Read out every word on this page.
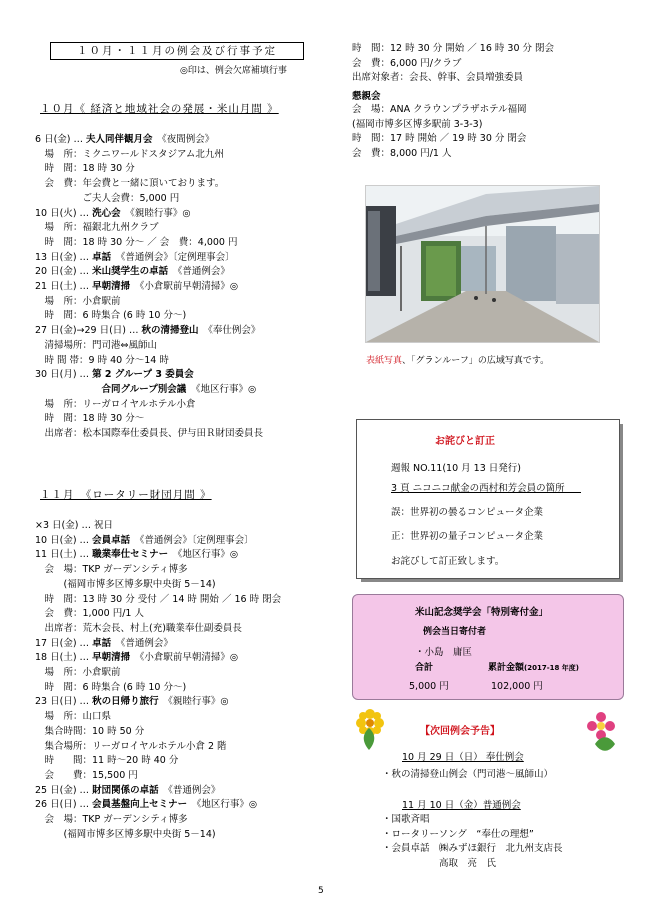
１０月・１１月の例会及び行事予定
◎印は、例会欠席補填行事
１０月《 経済と地域社会の発展・米山月間 》
6 日(金) … 夫人同伴観月会　《夜間例会》
　場　所：ミクニワールドスタジアム北九州
　時　間：18 時 30 分
　会　費：年会費と一緒に頂いております。
　　　　　ご夫人会費：5,000 円
10 日(火) … 洗心会　《親睦行事》◎
　場　所：福銀北九州クラブ
　時　間：18 時 30 分～ ／ 会　費：4,000 円
13 日(金) … 卓話　《普通例会》〔定例理事会〕
20 日(金) … 米山奨学生の卓話　《普通例会》
21 日(土) … 早朝清掃　《小倉駅前早朝清掃》◎
　場　所：小倉駅前
　時　間：6 時集合 (6 時 10 分～)
27 日(金)→29 日(日) … 秋の清掃登山　《奉仕例会》
　清掃場所：門司港⇔風師山
　時 間 帯：9 時 40 分～14 時
30 日(月) … 第 2 グループ 3 委員会
　　　　　　　合同グループ別会議　《地区行事》◎
　場　所：リーガロイヤルホテル小倉
　時　間：18 時 30 分～
　出席者：松本国際奉仕委員長、伊与田Ｒ財団委員長
１１月　《ロータリー財団月間 》
×3 日(金) … 祝日
10 日(金) … 会員卓話　《普通例会》〔定例理事会〕
11 日(土) … 職業奉仕セミナー　《地区行事》◎
　会　場：TKP ガーデンシティ博多
　　　(福岡市博多区博多駅中央街 5－14)
　時　間：13 時 30 分 受付 ／ 14 時 開始 ／ 16 時 閉会
　会　費：1,000 円/1 人
　出席者：荒木会長、村上(充)職業奉仕副委員長
17 日(金) … 卓話　《普通例会》
18 日(土) … 早朝清掃　《小倉駅前早朝清掃》◎
　場　所：小倉駅前
　時　間：6 時集合 (6 時 10 分～)
23 日(日) … 秋の日帰り旅行　《親睦行事》◎
　場　所：山口県
　集合時間：10 時 50 分
　集合場所：リーガロイヤルホテル小倉 2 階
　時　　間：11 時～20 時 40 分
　会　　費：15,500 円
25 日(金) … 財団関係の卓話　《普通例会》
26 日(日) … 会員基盤向上セミナー　《地区行事》◎
　会　場：TKP ガーデンシティ博多
　　　(福岡市博多区博多駅中央街 5－14)
時　間：12 時 30 分 開始 ／ 16 時 30 分 閉会
会　費：6,000 円/クラブ
出席対象者：会長、幹事、会員増強委員
懇親会
会　場：ANA クラウンプラザホテル福岡
(福岡市博多区博多駅前 3-3-3)
時　間：17 時 開始 ／ 19 時 30 分 閉会
会　費：8,000 円/1 人
表紙写真、「グランルーフ」の広域写真です。
お詫びと訂正
週報 NO.11(10 月 13 日発行)
3 頁 ニコニコ献金の西村和芳会員の箇所
誤：世界初の曇るコンピュータ企業
正：世界初の量子コンピュータ企業
お詫びして訂正致します。
米山記念奨学会「特別寄付金」
例会当日寄付者
・小島　庸匡
合計	累計金額(2017-18 年度)
5,000 円	102,000 円
【次回例会予告】
10 月 29 日（日） 奉仕例会
・秋の清掃登山例会（門司港～風師山）
11 月 10 日（金）普通例会
・国歌斉唱
・ロータリーソング　“奉仕の理想”
・会員卓話　㈱みずほ銀行　北九州支店長
　　　　　　高取　亮　氏
5
